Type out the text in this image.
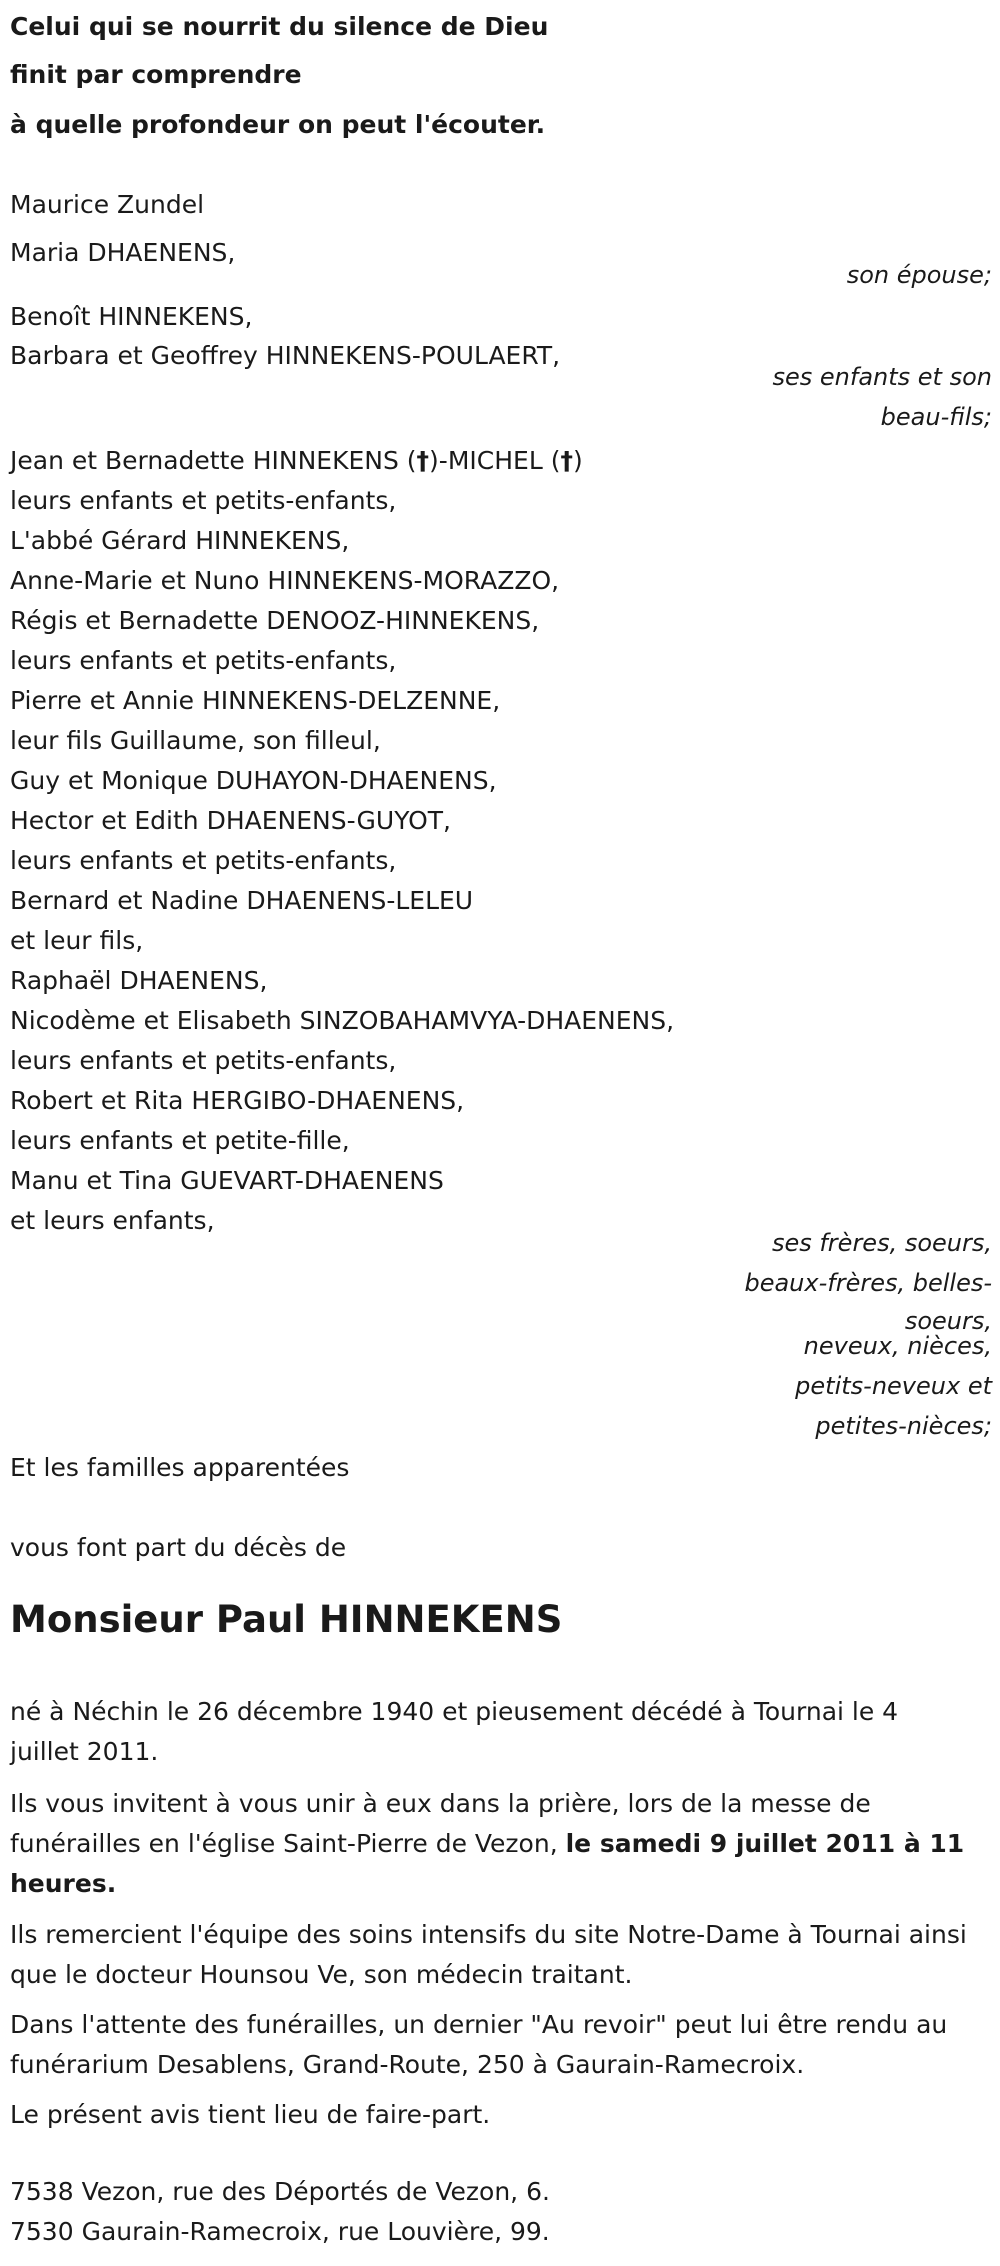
Celui qui se nourrit du silence de Dieu
finit par comprendre
à quelle profondeur on peut l'écouter.
Maurice Zundel
Maria DHAENENS,
son épouse;
Benoît HINNEKENS,
Barbara et Geoffrey HINNEKENS-POULAERT,
ses enfants et son
beau-fils;
Jean et Bernadette HINNEKENS (†)-MICHEL (†)
leurs enfants et petits-enfants,
L'abbé Gérard HINNEKENS,
Anne-Marie et Nuno HINNEKENS-MORAZZO,
Régis et Bernadette DENOOZ-HINNEKENS,
leurs enfants et petits-enfants,
Pierre et Annie HINNEKENS-DELZENNE,
leur fils Guillaume, son filleul,
Guy et Monique DUHAYON-DHAENENS,
Hector et Edith DHAENENS-GUYOT,
leurs enfants et petits-enfants,
Bernard et Nadine DHAENENS-LELEU
et leur fils,
Raphaël DHAENENS,
Nicodème et Elisabeth SINZOBAHAMVYA-DHAENENS,
leurs enfants et petits-enfants,
Robert et Rita HERGIBO-DHAENENS,
leurs enfants et petite-fille,
Manu et Tina GUEVART-DHAENENS
et leurs enfants,
ses frères, soeurs,
beaux-frères, belles-
soeurs,
neveux, nièces,
petits-neveux et
petites-nièces;
Et les familles apparentées
vous font part du décès de
Monsieur Paul HINNEKENS
né à Néchin le 26 décembre 1940 et pieusement décédé à Tournai le 4 juillet 2011.
Ils vous invitent à vous unir à eux dans la prière, lors de la messe de funérailles en l'église Saint-Pierre de Vezon, le samedi 9 juillet 2011 à 11 heures.
Ils remercient l'équipe des soins intensifs du site Notre-Dame à Tournai ainsi que le docteur Hounsou Ve, son médecin traitant.
Dans l'attente des funérailles, un dernier "Au revoir" peut lui être rendu au funérarium Desablens, Grand-Route, 250 à Gaurain-Ramecroix.
Le présent avis tient lieu de faire-part.
7538 Vezon, rue des Déportés de Vezon, 6.
7530 Gaurain-Ramecroix, rue Louvière, 99.
